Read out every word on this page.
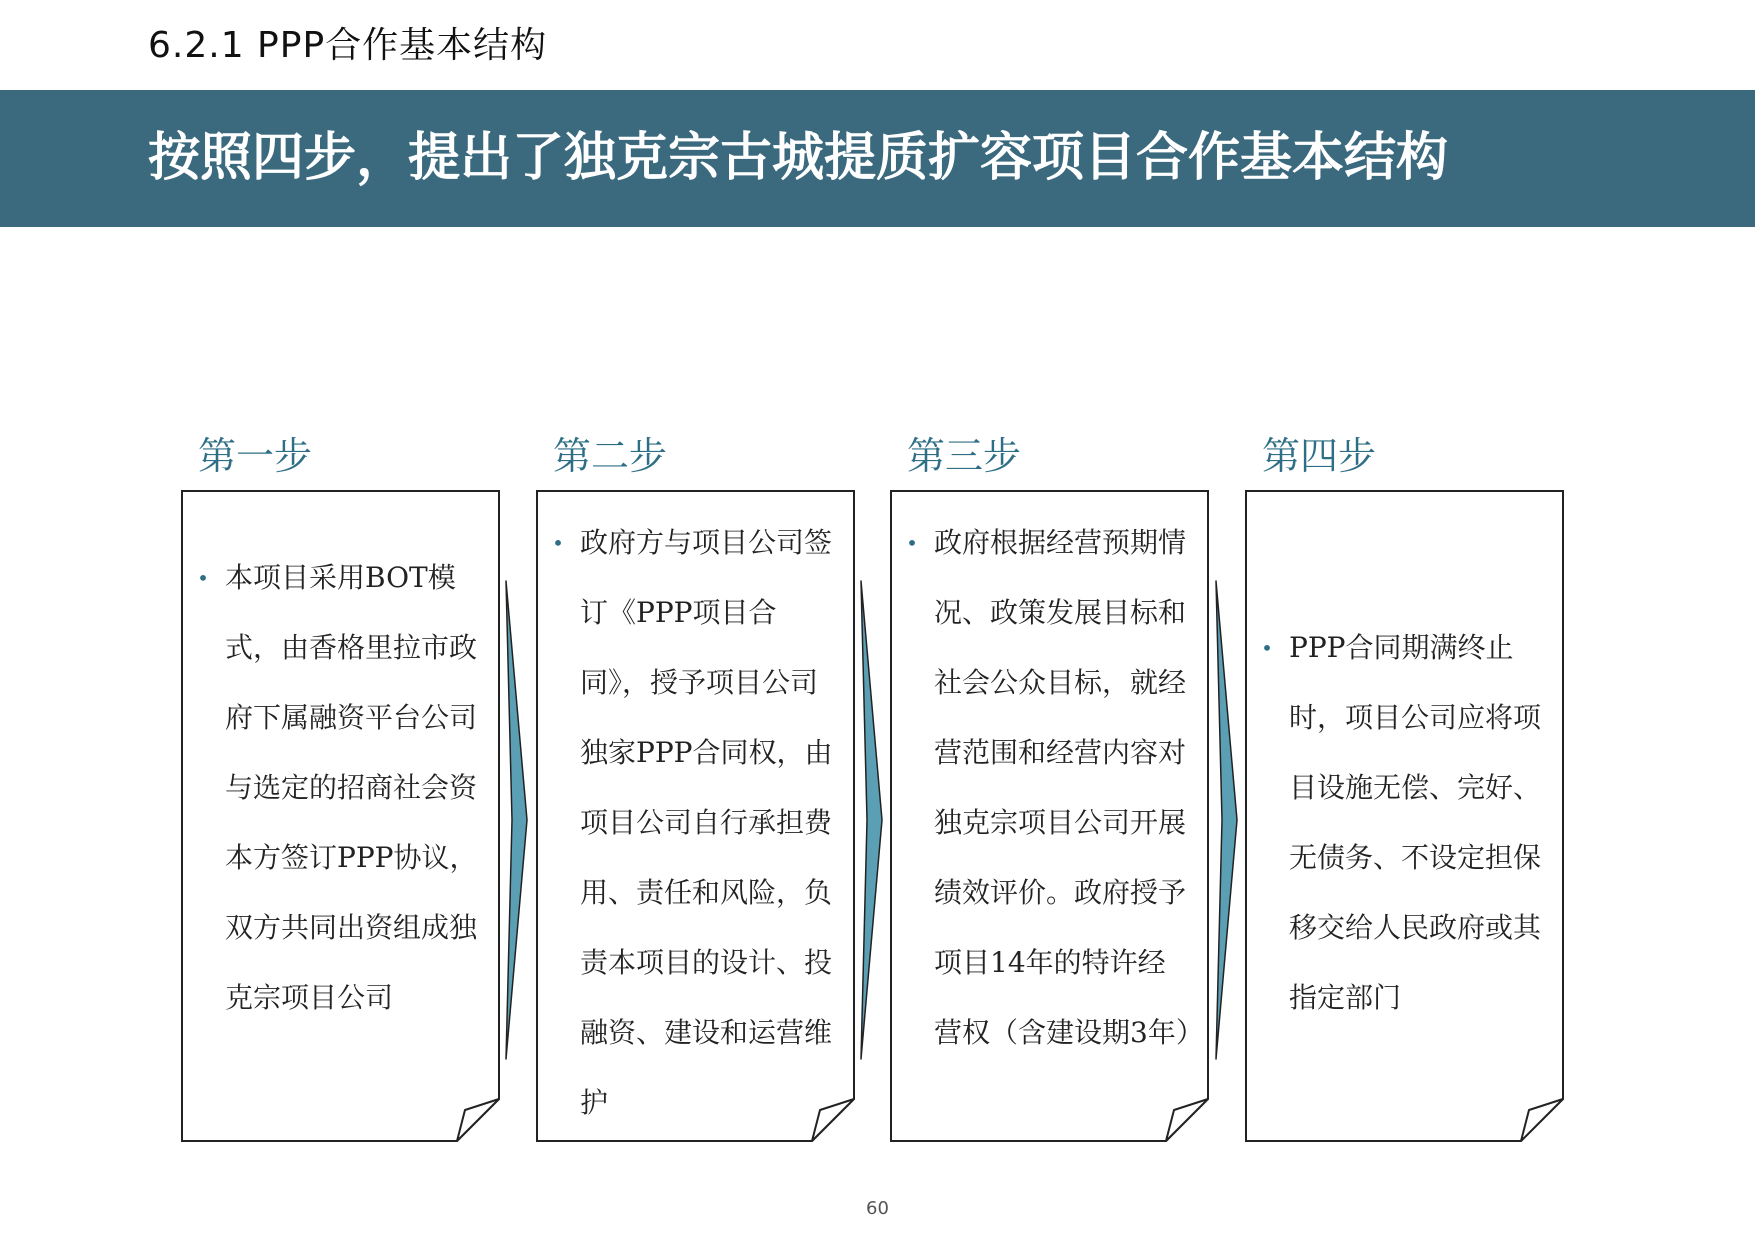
6.2.1 PPP合作基本结构
按照四步，提出了独克宗古城提质扩容项目合作基本结构
第一步	第二步	第三步	第四步
• 本项目采用BOT模式，由香格里拉市政府下属融资平台公司与选定的招商社会资本方签订PPP协议，双方共同出资组成独克宗项目公司
• 政府方与项目公司签订《PPP项目合同》，授予项目公司独家PPP合同权，由项目公司自行承担费用、责任和风险，负责本项目的设计、投融资、建设和运营维护
• 政府根据经营预期情况、政策发展目标和社会公众目标，就经营范围和经营内容对独克宗项目公司开展绩效评价。政府授予项目14年的特许经营权（含建设期3年）
• PPP合同期满终止时，项目公司应将项目设施无偿、完好、无债务、不设定担保移交给人民政府或其指定部门
60
